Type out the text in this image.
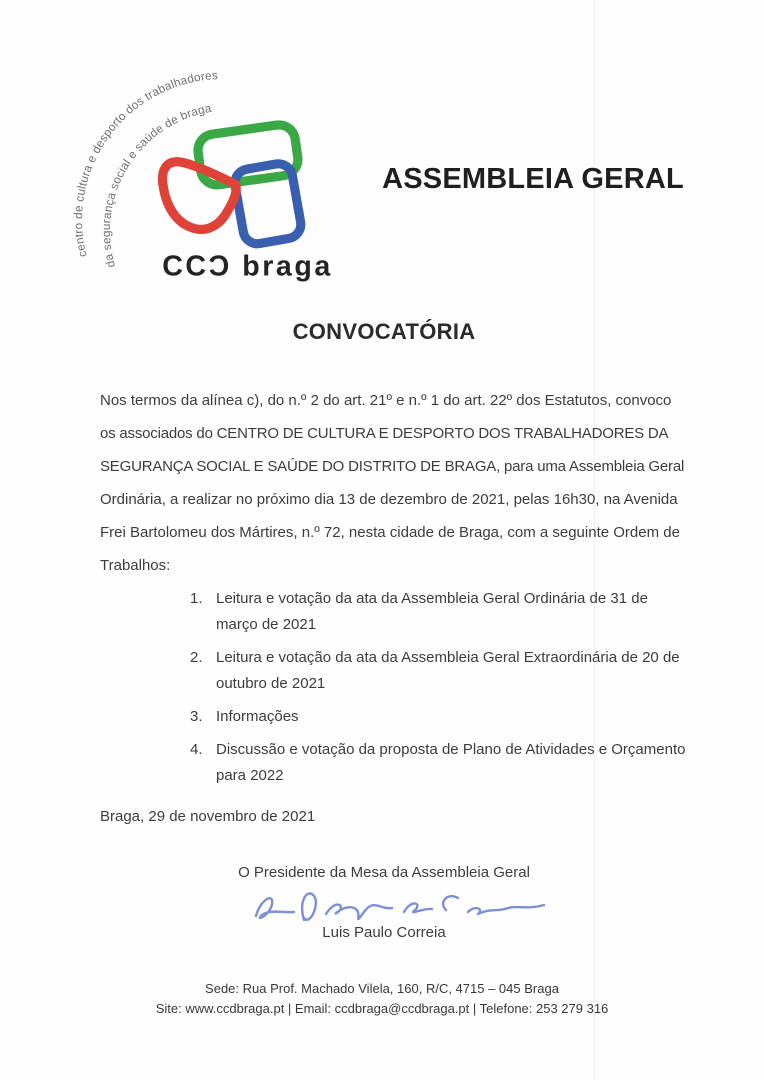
centro de cultura e desporto dos trabalhadores
da segurança social e saúde de braga
CCƆ braga
ASSEMBLEIA GERAL
CONVOCATÓRIA
Nos termos da alínea c), do n.º 2 do art. 21º e n.º 1 do art. 22º dos Estatutos, convoco
os associados do CENTRO DE CULTURA E DESPORTO DOS TRABALHADORES DA
SEGURANÇA SOCIAL E SAÚDE DO DISTRITO DE BRAGA, para uma Assembleia Geral
Ordinária, a realizar no próximo dia 13 de dezembro de 2021, pelas 16h30, na Avenida
Frei Bartolomeu dos Mártires, n.º 72, nesta cidade de Braga, com a seguinte Ordem de
Trabalhos:
1. Leitura e votação da ata da Assembleia Geral Ordinária de 31 de
março de 2021
2. Leitura e votação da ata da Assembleia Geral Extraordinária de 20 de
outubro de 2021
3. Informações
4. Discussão e votação da proposta de Plano de Atividades e Orçamento
para 2022
Braga, 29 de novembro de 2021
O Presidente da Mesa da Assembleia Geral
Luis Paulo Correia
Sede: Rua Prof. Machado Vilela, 160, R/C, 4715 – 045 Braga
Site: www.ccdbraga.pt | Email: ccdbraga@ccdbraga.pt | Telefone: 253 279 316
